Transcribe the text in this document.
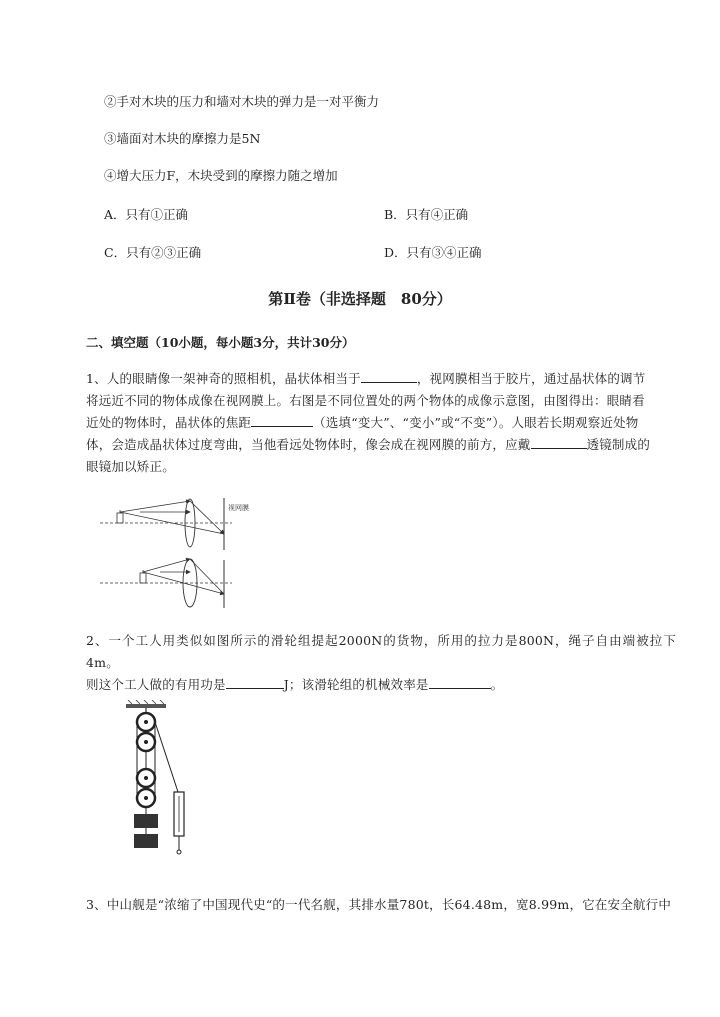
②手对木块的压力和墙对木块的弹力是一对平衡力
③墙面对木块的摩擦力是5N
④增大压力F，木块受到的摩擦力随之增加
A．只有①正确	B．只有④正确
C．只有②③正确	D．只有③④正确
第Ⅱ卷（非选择题　80分）
二、填空题（10小题，每小题3分，共计30分）
1、人的眼睛像一架神奇的照相机，晶状体相当于	，视网膜相当于胶片，通过晶状体的调节
将远近不同的物体成像在视网膜上。右图是不同位置处的两个物体的成像示意图，由图得出：眼睛看
近处的物体时，晶状体的焦距	（选填“变大”、“变小”或“不变”）。人眼若长期观察近处物
体，会造成晶状体过度弯曲，当他看远处物体时，像会成在视网膜的前方，应戴	透镜制成的
眼镜加以矫正。
视网膜
2、一个工人用类似如图所示的滑轮组提起2000N的货物，所用的拉力是800N，绳子自由端被拉下4m。
则这个工人做的有用功是	J；该滑轮组的机械效率是	。
3、中山舰是“浓缩了中国现代史“的一代名舰，其排水量780t，长64.48m，宽8.99m，它在安全航行中
